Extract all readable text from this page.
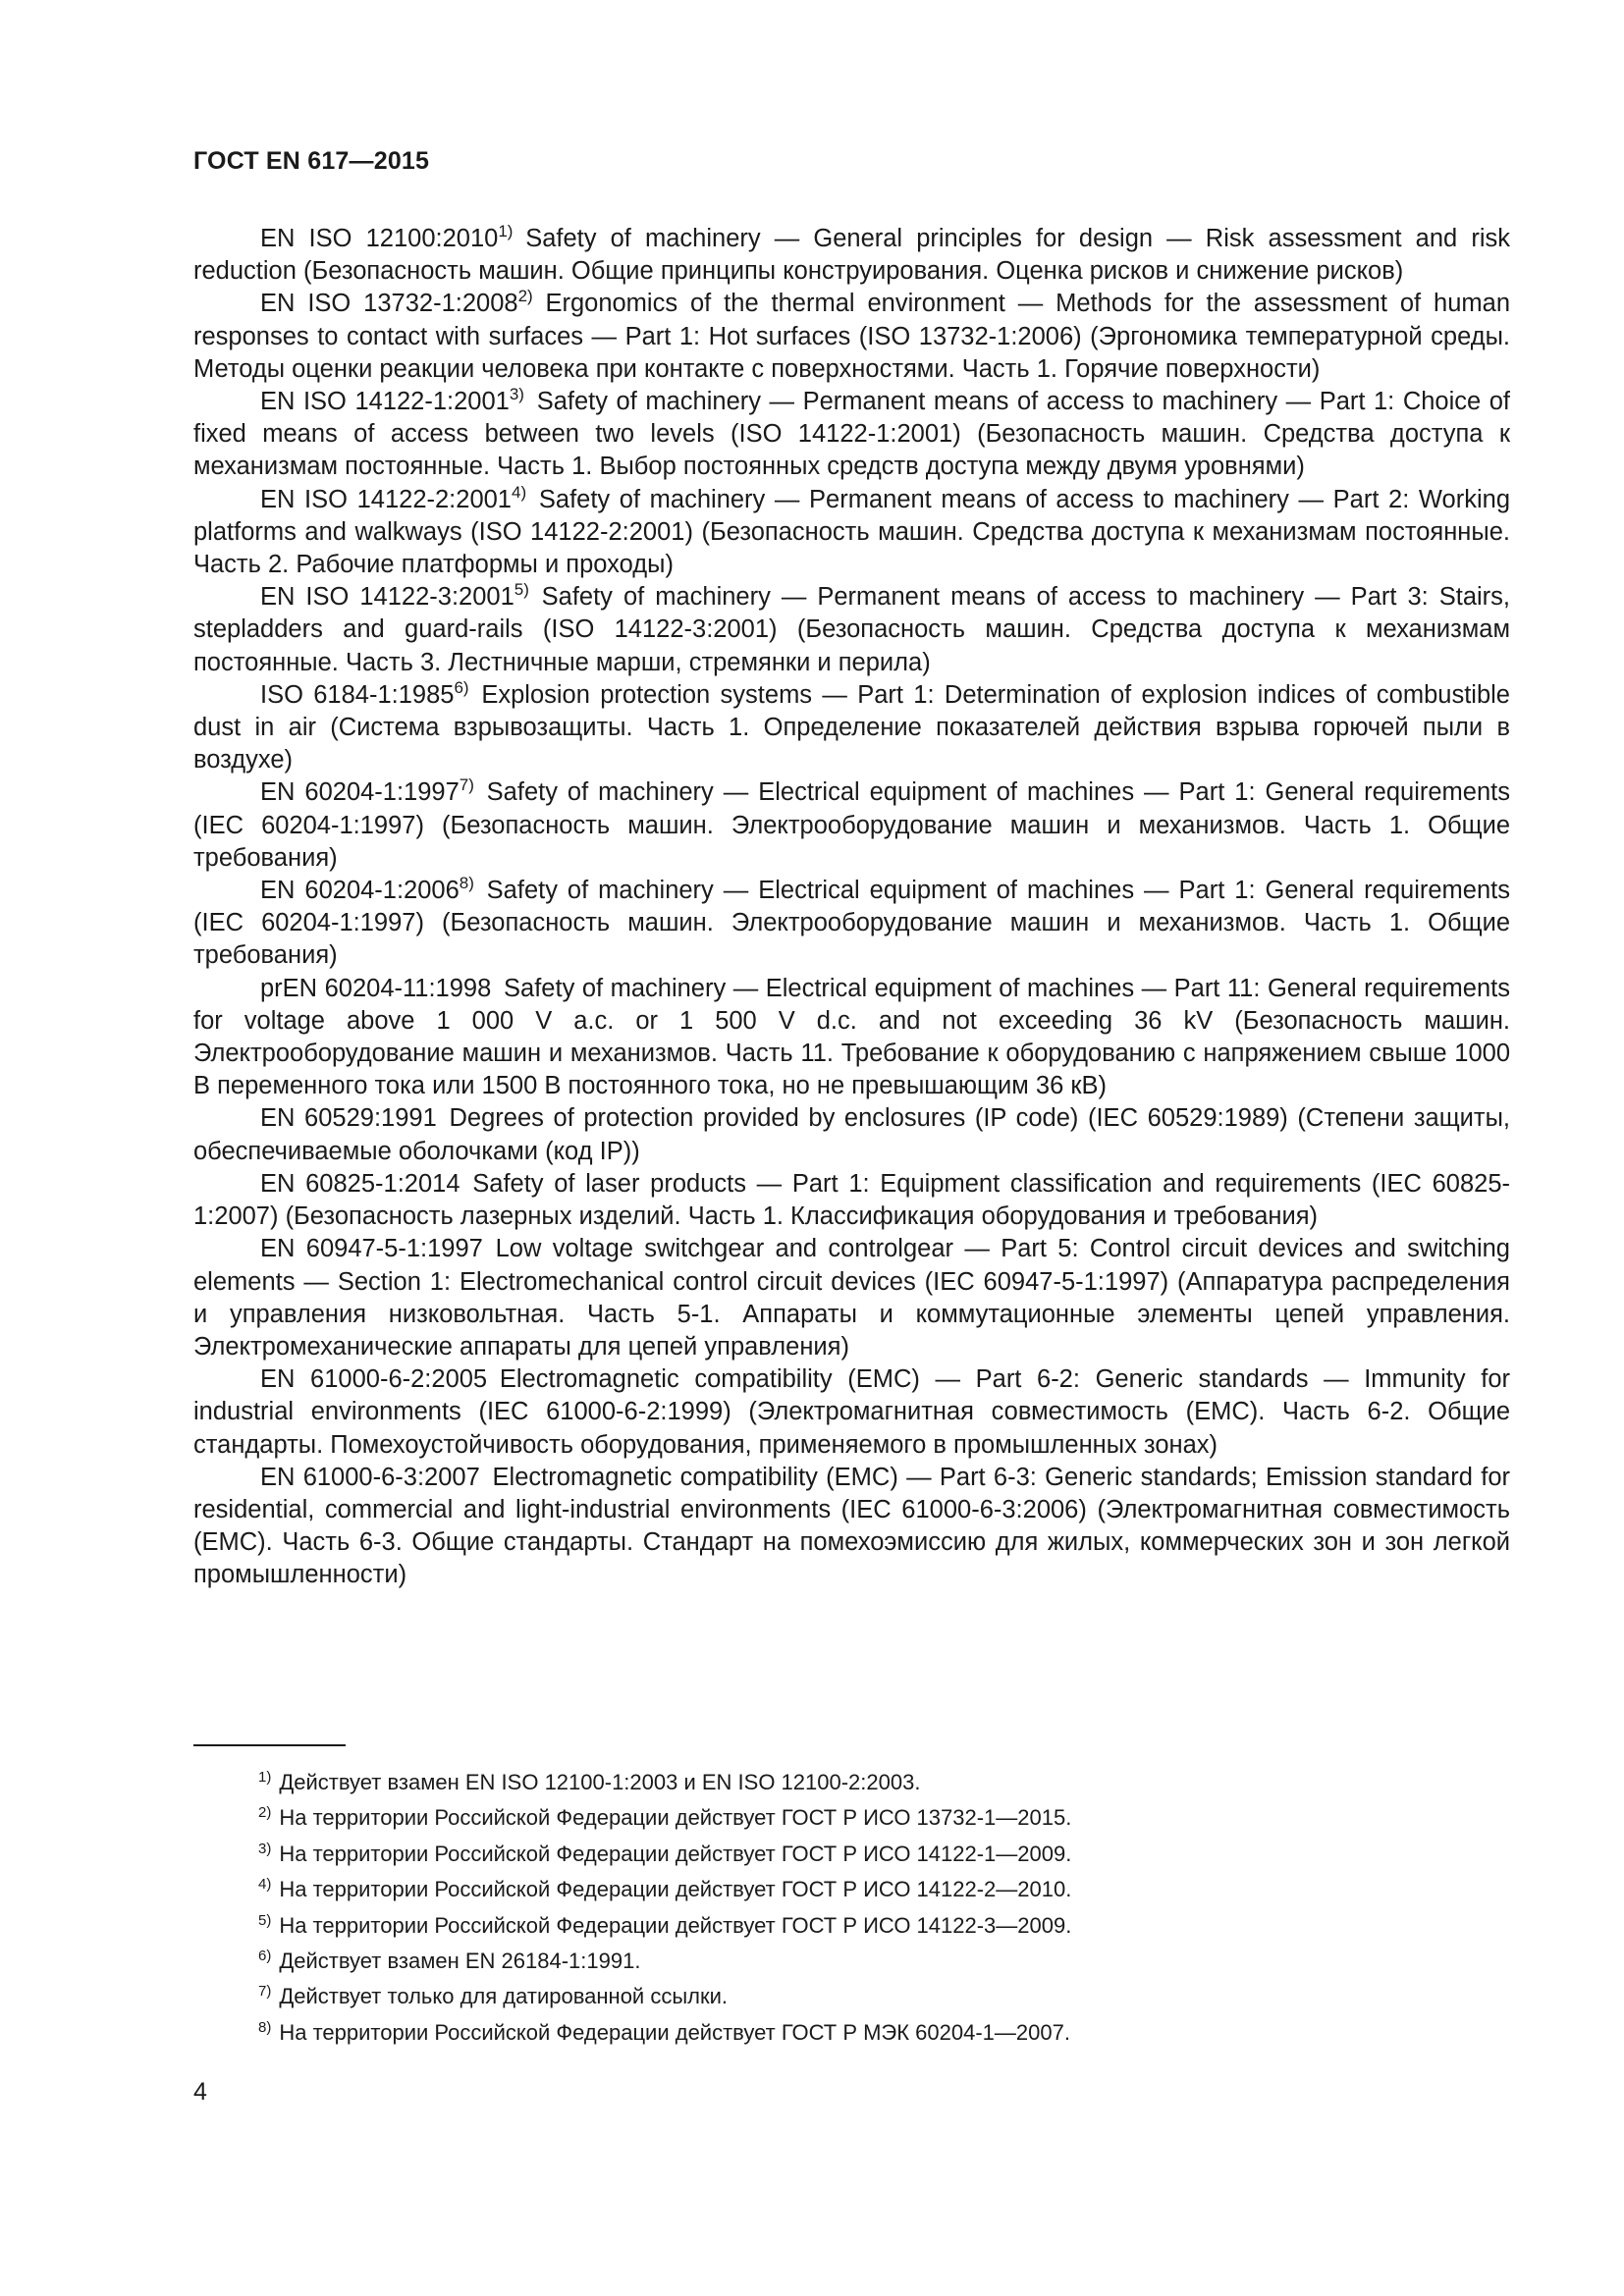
ГОСТ EN 617—2015

EN ISO 12100:2010$^{1)}$  Safety of machinery — General principles for design — Risk assessment and risk reduction (Безопасность машин. Общие принципы конструирования. Оценка рисков и снижение рисков)

EN ISO 13732-1:2008$^{2)}$  Ergonomics of the thermal environment — Methods for the assessment of human responses to contact with surfaces — Part 1: Hot surfaces (ISO 13732-1:2006) (Эргономика температурной среды. Методы оценки реакции человека при контакте с поверхностями. Часть 1. Горячие поверхности)

EN ISO 14122-1:2001$^{3)}$  Safety of machinery — Permanent means of access to machinery — Part 1: Choice of fixed means of access between two levels (ISO 14122-1:2001) (Безопасность машин. Средства доступа к механизмам постоянные. Часть 1. Выбор постоянных средств доступа между двумя уровнями)

EN ISO 14122-2:2001$^{4)}$  Safety of machinery — Permanent means of access to machinery — Part 2: Working platforms and walkways (ISO 14122-2:2001) (Безопасность машин. Средства доступа к механизмам постоянные. Часть 2. Рабочие платформы и проходы)

EN ISO 14122-3:2001$^{5)}$  Safety of machinery — Permanent means of access to machinery — Part 3: Stairs, stepladders and guard-rails (ISO 14122-3:2001) (Безопасность машин. Средства доступа к механизмам постоянные. Часть 3. Лестничные марши, стремянки и перила)

ISO 6184-1:1985$^{6)}$  Explosion protection systems — Part 1: Determination of explosion indices of combustible dust in air (Система взрывозащиты. Часть 1. Определение показателей действия взрыва горючей пыли в воздухе)

EN 60204-1:1997$^{7)}$  Safety of machinery — Electrical equipment of machines — Part 1: General requirements (IEC 60204-1:1997) (Безопасность машин. Электрооборудование машин и механизмов. Часть 1. Общие требования)

EN 60204-1:2006$^{8)}$  Safety of machinery — Electrical equipment of machines — Part 1: General requirements (IEC 60204-1:1997) (Безопасность машин. Электрооборудование машин и механизмов. Часть 1. Общие требования)

prEN 60204-11:1998  Safety of machinery — Electrical equipment of machines — Part 11: General requirements for voltage above 1 000 V a.c. or 1 500 V d.c. and not exceeding 36 kV (Безопасность машин. Электрооборудование машин и механизмов. Часть 11. Требование к оборудованию с напряжением свыше 1000 В переменного тока или 1500 В постоянного тока, но не превышающим 36 кВ)

EN 60529:1991  Degrees of protection provided by enclosures (IP code) (IEC 60529:1989) (Степени защиты, обеспечиваемые оболочками (код IP))

EN 60825-1:2014  Safety of laser products — Part 1: Equipment classification and requirements (IEC 60825-1:2007) (Безопасность лазерных изделий. Часть 1. Классификация оборудования и требования)

EN 60947-5-1:1997  Low voltage switchgear and controlgear — Part 5: Control circuit devices and switching elements — Section 1: Electromechanical control circuit devices (IEC 60947-5-1:1997) (Аппаратура распределения и управления низковольтная. Часть 5-1. Аппараты и коммутационные элементы цепей управления. Электромеханические аппараты для цепей управления)

EN 61000-6-2:2005  Electromagnetic compatibility (EMC) — Part 6-2: Generic standards — Immunity for industrial environments (IEC 61000-6-2:1999) (Электромагнитная совместимость (ЕМС). Часть 6-2. Общие стандарты. Помехоустойчивость оборудования, применяемого в промышленных зонах)

EN 61000-6-3:2007  Electromagnetic compatibility (EMC) — Part 6-3: Generic standards; Emission standard for residential, commercial and light-industrial environments (IEC 61000-6-3:2006) (Электромагнитная совместимость (ЕМС). Часть 6-3. Общие стандарты. Стандарт на помехоэмиссию для жилых, коммерческих зон и зон легкой промышленности)

$^{1)}$ Действует взамен EN ISO 12100-1:2003 и EN ISO 12100-2:2003.
$^{2)}$ На территории Российской Федерации действует ГОСТ Р ИСО 13732-1—2015.
$^{3)}$ На территории Российской Федерации действует ГОСТ Р ИСО 14122-1—2009.
$^{4)}$ На территории Российской Федерации действует ГОСТ Р ИСО 14122-2—2010.
$^{5)}$ На территории Российской Федерации действует ГОСТ Р ИСО 14122-3—2009.
$^{6)}$ Действует взамен EN 26184-1:1991.
$^{7)}$ Действует только для датированной ссылки.
$^{8)}$ На территории Российской Федерации действует ГОСТ Р МЭК 60204-1—2007.
4
